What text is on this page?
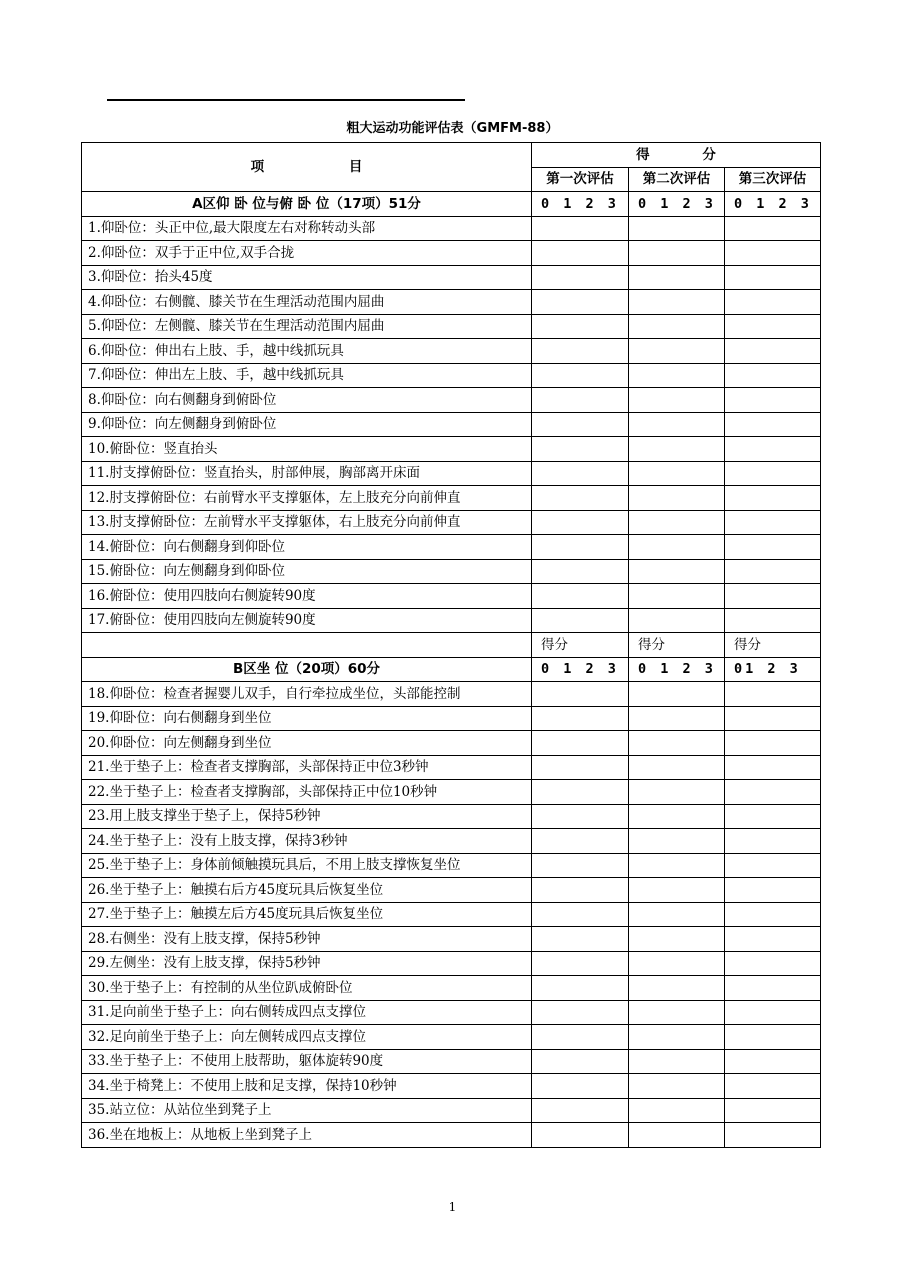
粗大运动功能评估表（GMFM-88）
项 目	得 分		
	第一次评估	第二次评估	第三次评估
A区仰 卧 位与俯 卧 位（17项）51分	0 1 2 3	0 1 2 3	0 1 2 3
1.仰卧位：头正中位,最大限度左右对称转动头部			
2.仰卧位：双手于正中位,双手合拢			
3.仰卧位：抬头45度			
4.仰卧位：右侧髋、膝关节在生理活动范围内屈曲			
5.仰卧位：左侧髋、膝关节在生理活动范围内屈曲			
6.仰卧位：伸出右上肢、手，越中线抓玩具			
7.仰卧位：伸出左上肢、手，越中线抓玩具			
8.仰卧位：向右侧翻身到俯卧位			
9.仰卧位：向左侧翻身到俯卧位			
10.俯卧位：竖直抬头			
11.肘支撑俯卧位：竖直抬头，肘部伸展，胸部离开床面			
12.肘支撑俯卧位：右前臂水平支撑躯体，左上肢充分向前伸直			
13.肘支撑俯卧位：左前臂水平支撑躯体，右上肢充分向前伸直			
14.俯卧位：向右侧翻身到仰卧位			
15.俯卧位：向左侧翻身到仰卧位			
16.俯卧位：使用四肢向右侧旋转90度			
17.俯卧位：使用四肢向左侧旋转90度			
	得分	得分	得分
B区坐 位（20项）60分	0 1 2 3	0 1 2 3	01 2 3
18.仰卧位：检查者握婴儿双手，自行牵拉成坐位，头部能控制			
19.仰卧位：向右侧翻身到坐位			
20.仰卧位：向左侧翻身到坐位			
21.坐于垫子上：检查者支撑胸部，头部保持正中位3秒钟			
22.坐于垫子上：检查者支撑胸部，头部保持正中位10秒钟			
23.用上肢支撑坐于垫子上，保持5秒钟			
24.坐于垫子上：没有上肢支撑，保持3秒钟			
25.坐于垫子上：身体前倾触摸玩具后，不用上肢支撑恢复坐位			
26.坐于垫子上：触摸右后方45度玩具后恢复坐位			
27.坐于垫子上：触摸左后方45度玩具后恢复坐位			
28.右侧坐：没有上肢支撑，保持5秒钟			
29.左侧坐：没有上肢支撑，保持5秒钟			
30.坐于垫子上：有控制的从坐位趴成俯卧位			
31.足向前坐于垫子上：向右侧转成四点支撑位			
32.足向前坐于垫子上：向左侧转成四点支撑位			
33.坐于垫子上：不使用上肢帮助，躯体旋转90度			
34.坐于椅凳上：不使用上肢和足支撑，保持10秒钟			
35.站立位：从站位坐到凳子上			
36.坐在地板上：从地板上坐到凳子上			
1
